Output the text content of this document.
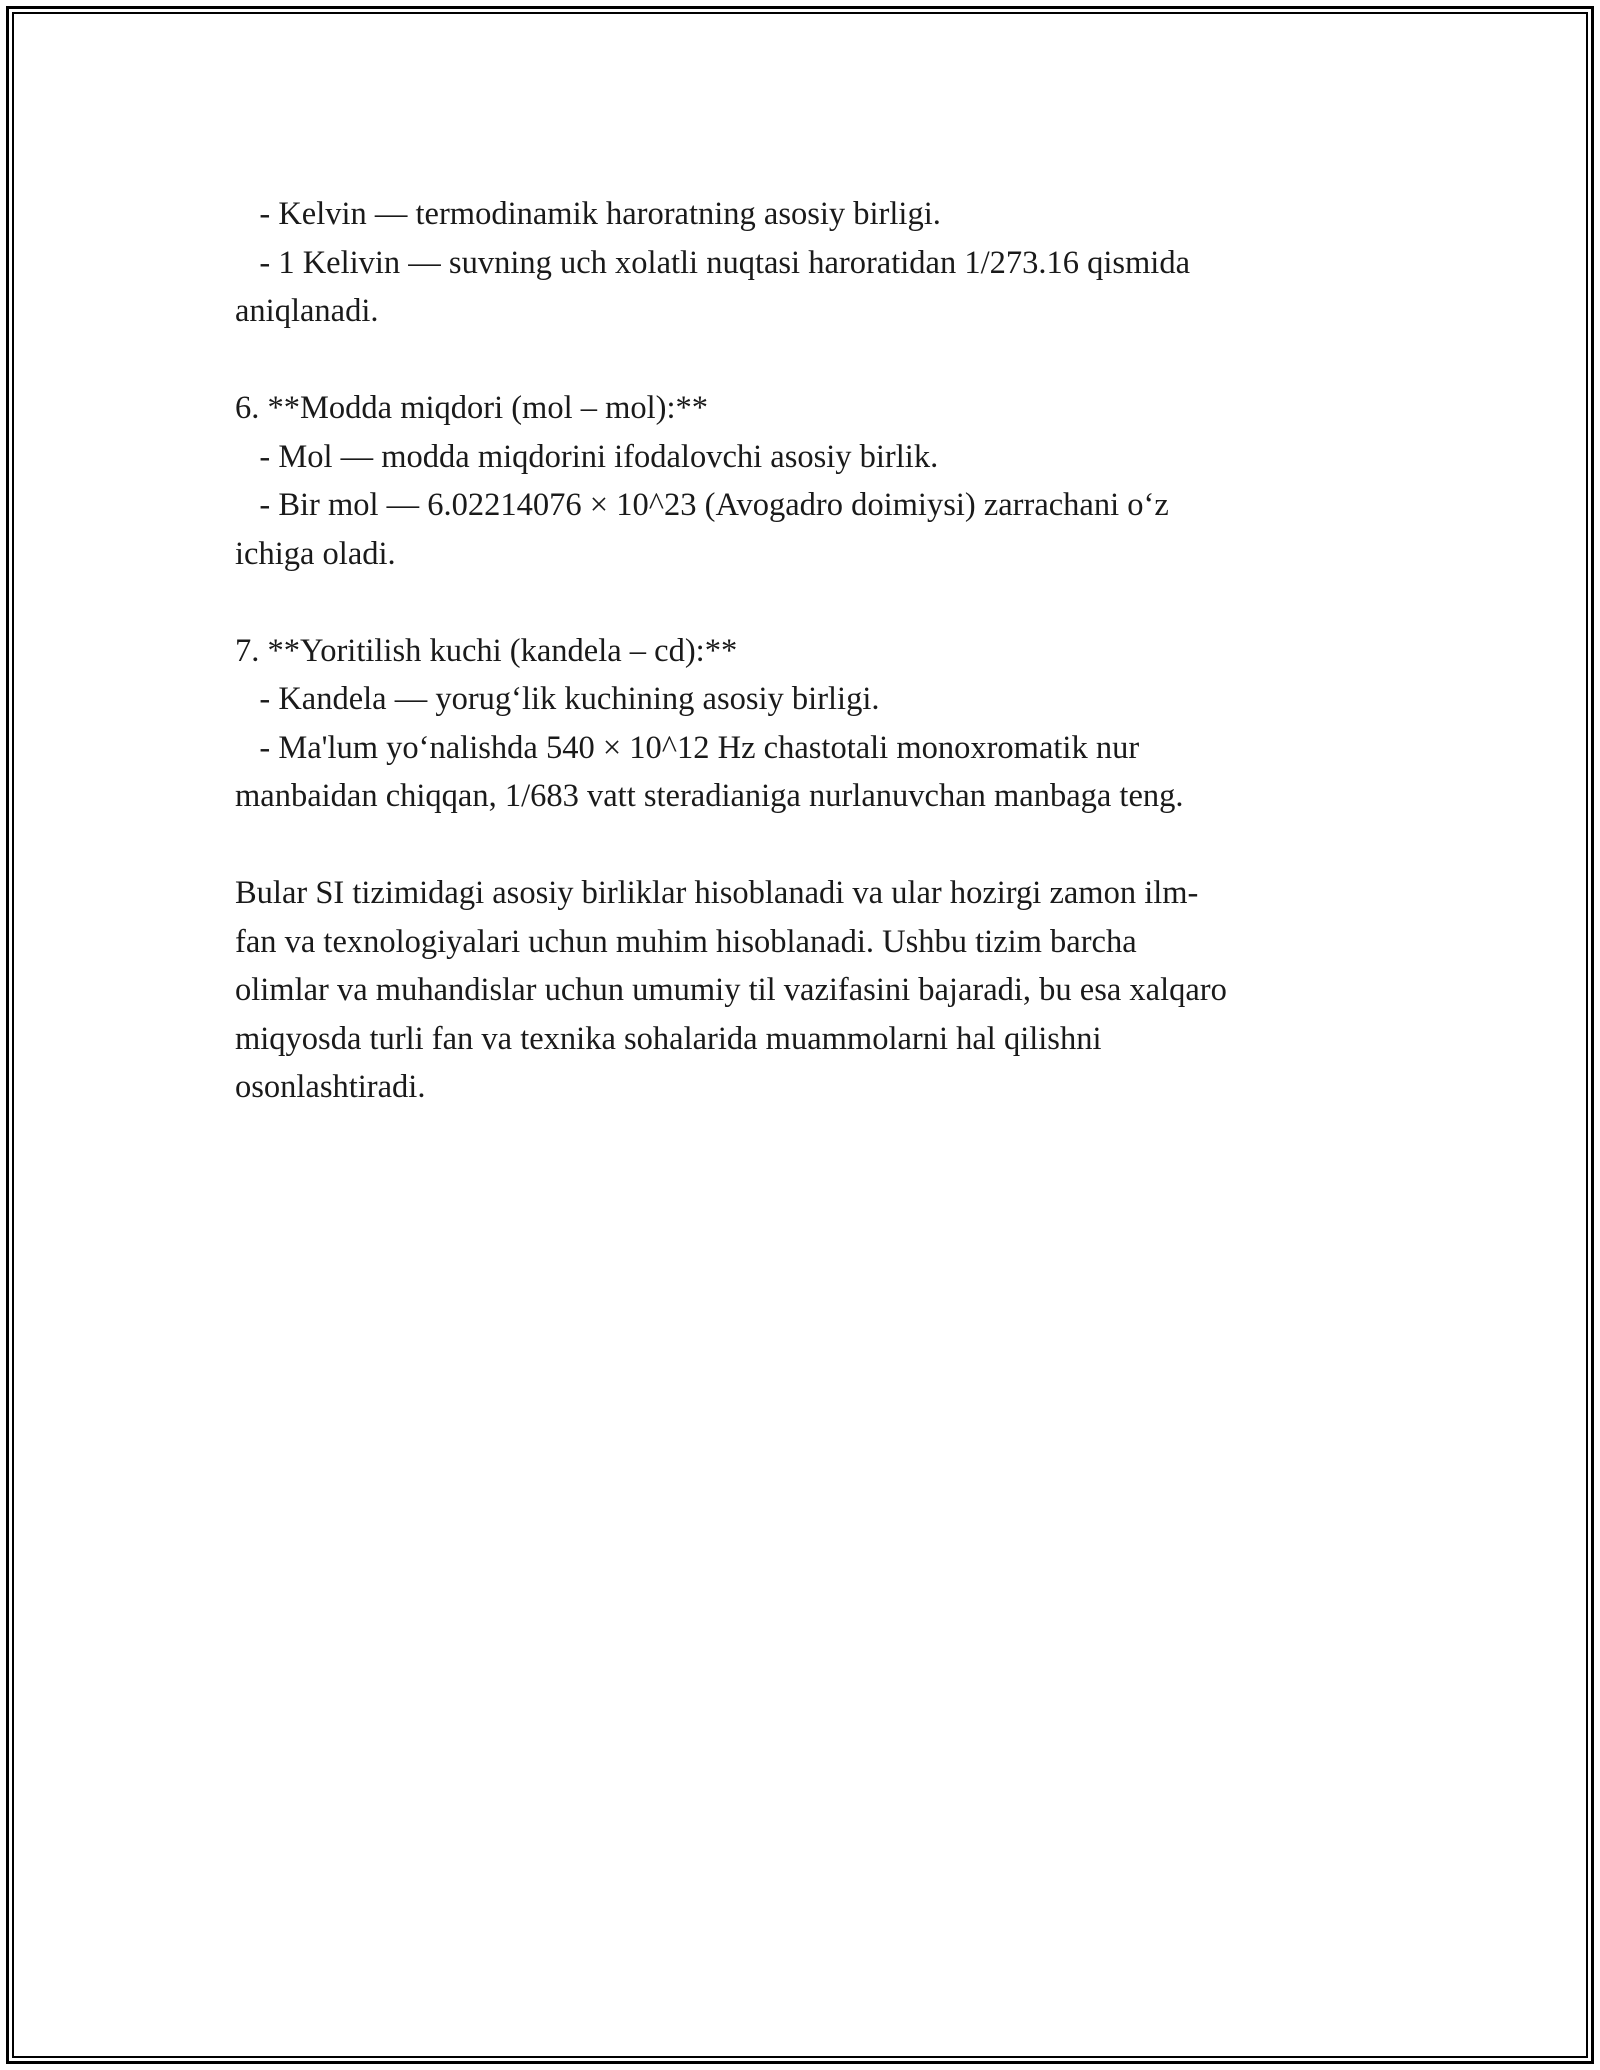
- Kelvin — termodinamik haroratning asosiy birligi.
- 1 Kelivin — suvning uch xolatli nuqtasi haroratidan 1/273.16 qismida
aniqlanadi.
6. **Modda miqdori (mol – mol):**
- Mol — modda miqdorini ifodalovchi asosiy birlik.
- Bir mol — 6.02214076 × 10^23 (Avogadro doimiysi) zarrachani o‘z
ichiga oladi.
7. **Yoritilish kuchi (kandela – cd):**
- Kandela — yorug‘lik kuchining asosiy birligi.
- Ma'lum yo‘nalishda 540 × 10^12 Hz chastotali monoxromatik nur
manbaidan chiqqan, 1/683 vatt steradianiga nurlanuvchan manbaga teng.
Bular SI tizimidagi asosiy birliklar hisoblanadi va ular hozirgi zamon ilm-
fan va texnologiyalari uchun muhim hisoblanadi. Ushbu tizim barcha
olimlar va muhandislar uchun umumiy til vazifasini bajaradi, bu esa xalqaro
miqyosda turli fan va texnika sohalarida muammolarni hal qilishni
osonlashtiradi.
